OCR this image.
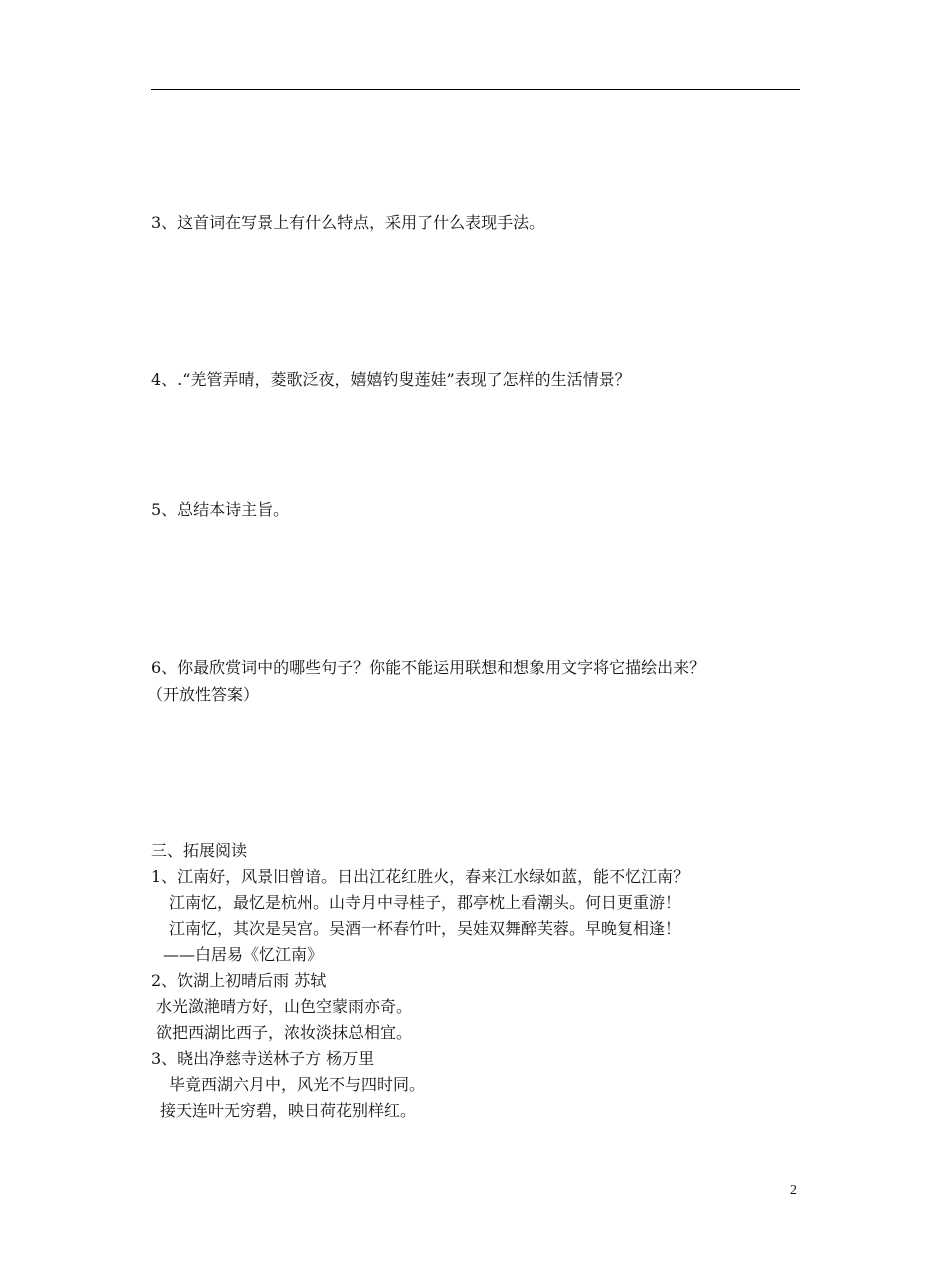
3、这首词在写景上有什么特点，采用了什么表现手法。
4、.“羌管弄晴，菱歌泛夜，嬉嬉钓叟莲娃”表现了怎样的生活情景？
5、总结本诗主旨。
6、你最欣赏词中的哪些句子？你能不能运用联想和想象用文字将它描绘出来？
（开放性答案）
三、拓展阅读
1、江南好，风景旧曾谙。日出江花红胜火，春来江水绿如蓝，能不忆江南？
江南忆，最忆是杭州。山寺月中寻桂子，郡亭枕上看潮头。何日更重游！
江南忆，其次是吴宫。吴酒一杯春竹叶，吴娃双舞醉芙蓉。早晚复相逢！
——白居易《忆江南》
2、饮湖上初晴后雨 苏轼
水光潋滟晴方好，山色空蒙雨亦奇。
欲把西湖比西子，浓妆淡抹总相宜。
3、晓出净慈寺送林子方 杨万里
毕竟西湖六月中，风光不与四时同。
接天连叶无穷碧，映日荷花别样红。
2
